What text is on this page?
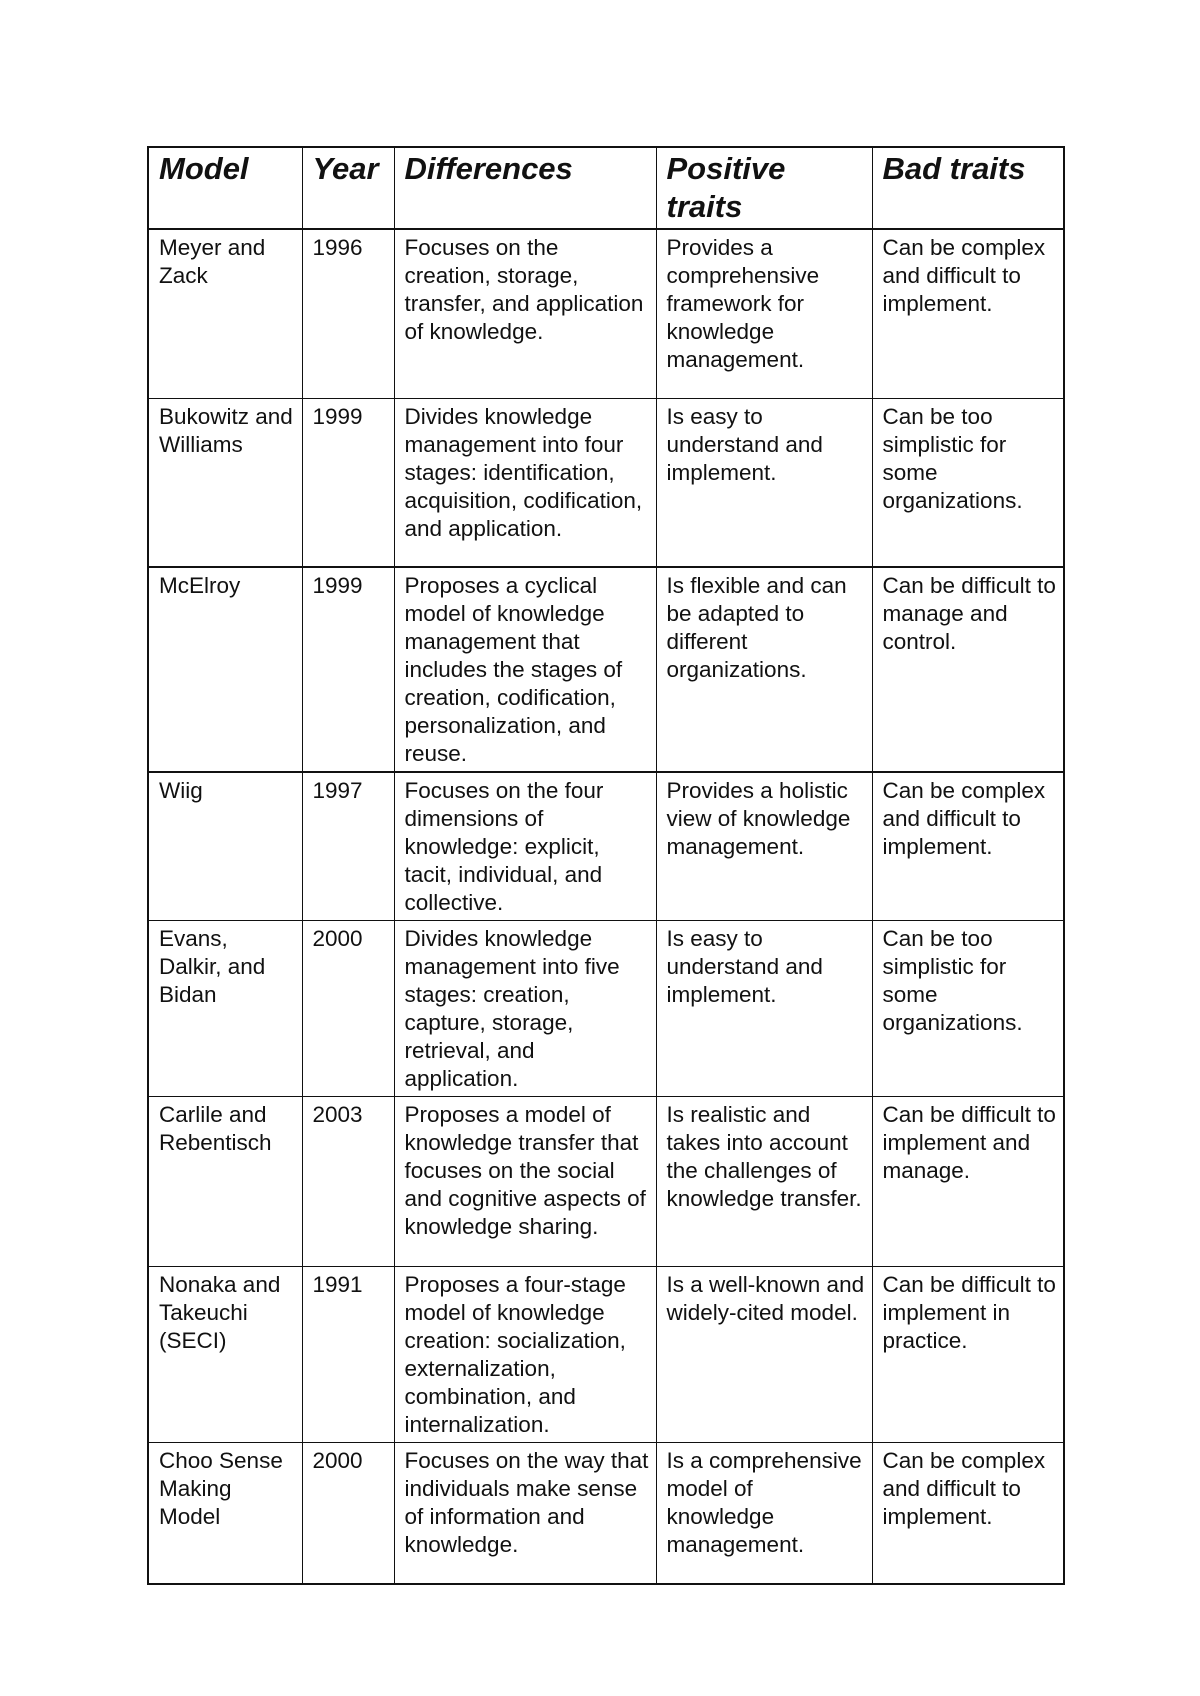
Model	Year	Differences	Positive traits	Bad traits
Meyer and Zack	1996	Focuses on the creation, storage, transfer, and application of knowledge.	Provides a comprehensive framework for knowledge management.	Can be complex and difficult to implement.
Bukowitz and Williams	1999	Divides knowledge management into four stages: identification, acquisition, codification, and application.	Is easy to understand and implement.	Can be too simplistic for some organizations.
McElroy	1999	Proposes a cyclical model of knowledge management that includes the stages of creation, codification, personalization, and reuse.	Is flexible and can be adapted to different organizations.	Can be difficult to manage and control.
Wiig	1997	Focuses on the four dimensions of knowledge: explicit, tacit, individual, and collective.	Provides a holistic view of knowledge management.	Can be complex and difficult to implement.
Evans, Dalkir, and Bidan	2000	Divides knowledge management into five stages: creation, capture, storage, retrieval, and application.	Is easy to understand and implement.	Can be too simplistic for some organizations.
Carlile and Rebentisch	2003	Proposes a model of knowledge transfer that focuses on the social and cognitive aspects of knowledge sharing.	Is realistic and takes into account the challenges of knowledge transfer.	Can be difficult to implement and manage.
Nonaka and Takeuchi (SECI)	1991	Proposes a four-stage model of knowledge creation: socialization, externalization, combination, and internalization.	Is a well-known and widely-cited model.	Can be difficult to implement in practice.
Choo Sense Making Model	2000	Focuses on the way that individuals make sense of information and knowledge.	Is a comprehensive model of knowledge management.	Can be complex and difficult to implement.
